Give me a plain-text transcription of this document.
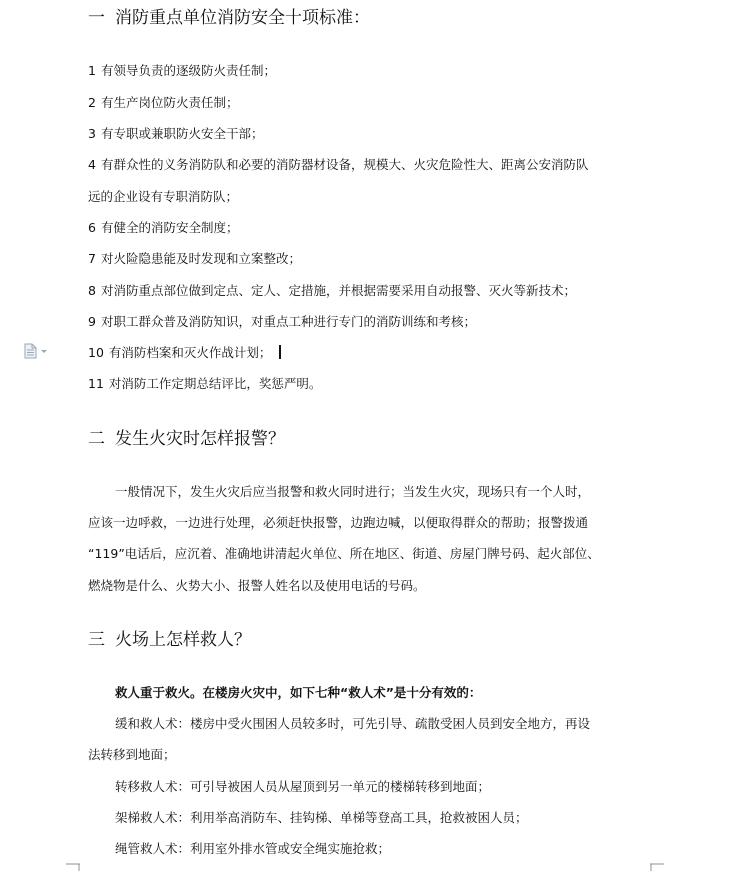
一 消防重点单位消防安全十项标准：
1 有领导负责的逐级防火责任制；
2 有生产岗位防火责任制；
3 有专职或兼职防火安全干部；
4 有群众性的义务消防队和必要的消防器材设备，规模大、火灾危险性大、距离公安消防队
远的企业设有专职消防队；
6 有健全的消防安全制度；
7 对火险隐患能及时发现和立案整改；
8 对消防重点部位做到定点、定人、定措施，并根据需要采用自动报警、灭火等新技术；
9 对职工群众普及消防知识，对重点工种进行专门的消防训练和考核；
10 有消防档案和灭火作战计划；
11 对消防工作定期总结评比，奖惩严明。
二 发生火灾时怎样报警？
一般情况下，发生火灾后应当报警和救火同时进行；当发生火灾，现场只有一个人时，
应该一边呼救，一边进行处理，必须赶快报警，边跑边喊，以便取得群众的帮助；报警拨通
“119”电话后，应沉着、准确地讲清起火单位、所在地区、街道、房屋门牌号码、起火部位、
燃烧物是什么、火势大小、报警人姓名以及使用电话的号码。
三 火场上怎样救人？
救人重于救火。在楼房火灾中，如下七种“救人术”是十分有效的：
缓和救人术：楼房中受火围困人员较多时，可先引导、疏散受困人员到安全地方，再设
法转移到地面；
转移救人术：可引导被困人员从屋顶到另一单元的楼梯转移到地面；
架梯救人术：利用举高消防车、挂钩梯、单梯等登高工具，抢救被困人员；
绳管救人术：利用室外排水管或安全绳实施抢救；
